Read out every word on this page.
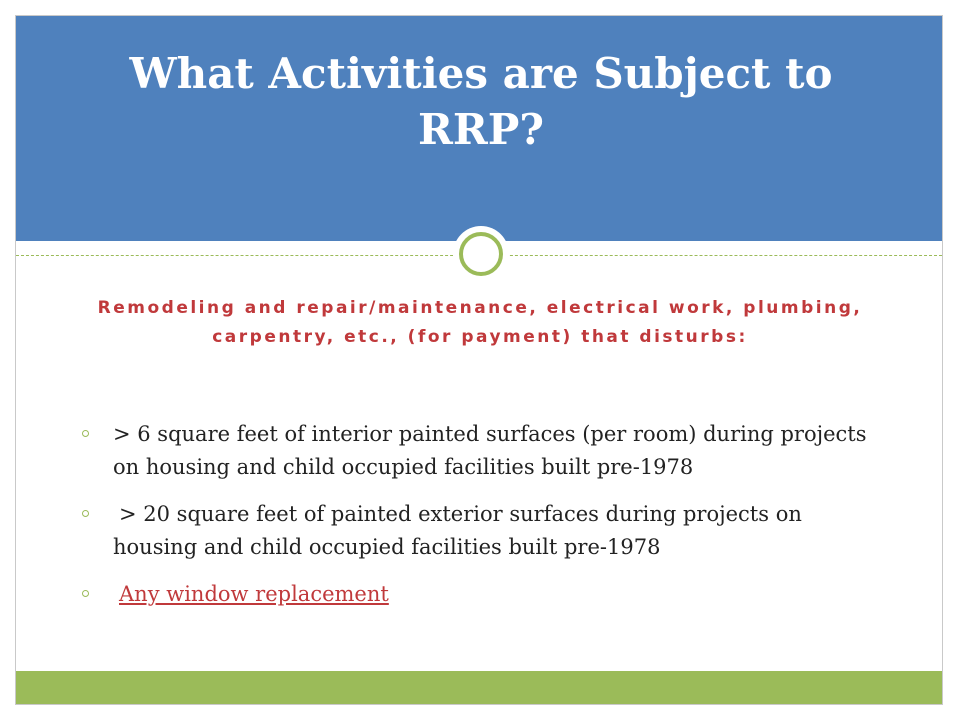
What Activities are Subject to RRP?

Remodeling and repair/maintenance, electrical work, plumbing, carpentry, etc., (for payment) that disturbs:

> 6 square feet of interior painted surfaces (per room) during projects on housing and child occupied facilities built pre-1978
> 20 square feet of painted exterior surfaces during projects on housing and child occupied facilities built pre-1978
Any window replacement
